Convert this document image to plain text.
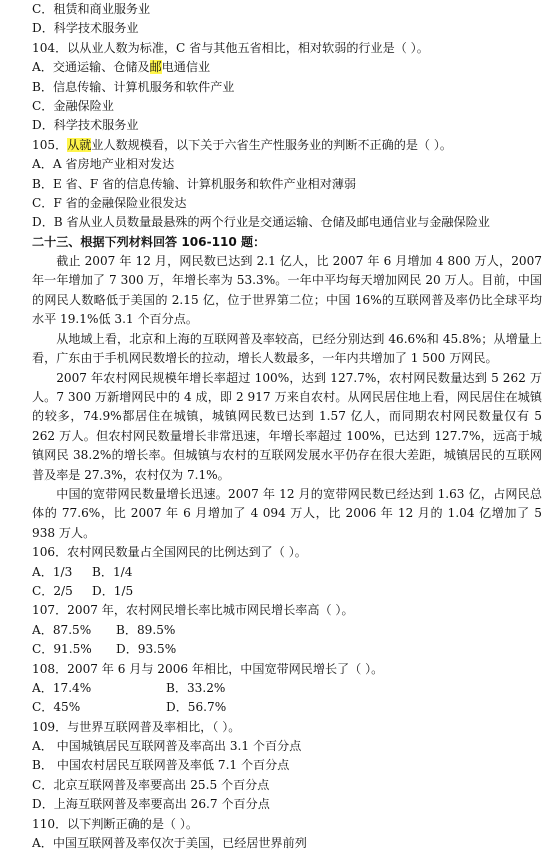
C．租赁和商业服务业
D．科学技术服务业
104．以从业人数为标准，C 省与其他五省相比，相对软弱的行业是（ ）。
A．交通运输、仓储及邮电通信业
B．信息传输、计算机服务和软件产业
C．金融保险业
D．科学技术服务业
105．从就业人数规模看，以下关于六省生产性服务业的判断不正确的是（ ）。
A．A 省房地产业相对发达
B．E 省、F 省的信息传输、计算机服务和软件产业相对薄弱
C．F 省的金融保险业很发达
D．B 省从业人员数量最悬殊的两个行业是交通运输、仓储及邮电通信业与金融保险业
二十三、根据下列材料回答 106-110 题：
截止 2007 年 12 月，网民数已达到 2.1 亿人，比 2007 年 6 月增加 4 800 万人，2007 年一年增加了 7 300 万，年增长率为 53.3%。一年中平均每天增加网民 20 万人。目前，中国的网民人数略低于美国的 2.15 亿，位于世界第二位；中国 16%的互联网普及率仍比全球平均水平 19.1%低 3.1 个百分点。
从地域上看，北京和上海的互联网普及率较高，已经分别达到 46.6%和 45.8%；从增量上看，广东由于手机网民数增长的拉动，增长人数最多，一年内共增加了 1 500 万网民。
2007 年农村网民规模年增长率超过 100%，达到 127.7%，农村网民数量达到 5 262 万人。7 300 万新增网民中的 4 成，即 2 917 万来自农村。从网民居住地上看，网民居住在城镇的较多，74.9%都居住在城镇，城镇网民数已达到 1.57 亿人，而同期农村网民数量仅有 5 262 万人。但农村网民数量增长非常迅速，年增长率超过 100%，已达到 127.7%，远高于城镇网民 38.2%的增长率。但城镇与农村的互联网发展水平仍存在很大差距，城镇居民的互联网普及率是 27.3%，农村仅为 7.1%。
中国的宽带网民数量增长迅速。2007 年 12 月的宽带网民数已经达到 1.63 亿，占网民总体的 77.6%，比 2007 年 6 月增加了 4 094 万人，比 2006 年 12 月的 1.04 亿增加了 5 938 万人。
106．农村网民数量占全国网民的比例达到了（ ）。
A．1/3 B．1/4
C．2/5 D．1/5
107．2007 年，农村网民增长率比城市网民增长率高（ ）。
A．87.5% B．89.5%
C．91.5% D．93.5%
108．2007 年 6 月与 2006 年相比，中国宽带网民增长了（ ）。
A．17.4%	B．33.2%
C．45%	D．56.7%
109．与世界互联网普及率相比，（ ）。
A． 中国城镇居民互联网普及率高出 3.1 个百分点
B． 中国农村居民互联网普及率低 7.1 个百分点
C．北京互联网普及率要高出 25.5 个百分点
D．上海互联网普及率要高出 26.7 个百分点
110．以下判断正确的是（ ）。
A．中国互联网普及率仅次于美国，已经居世界前列
